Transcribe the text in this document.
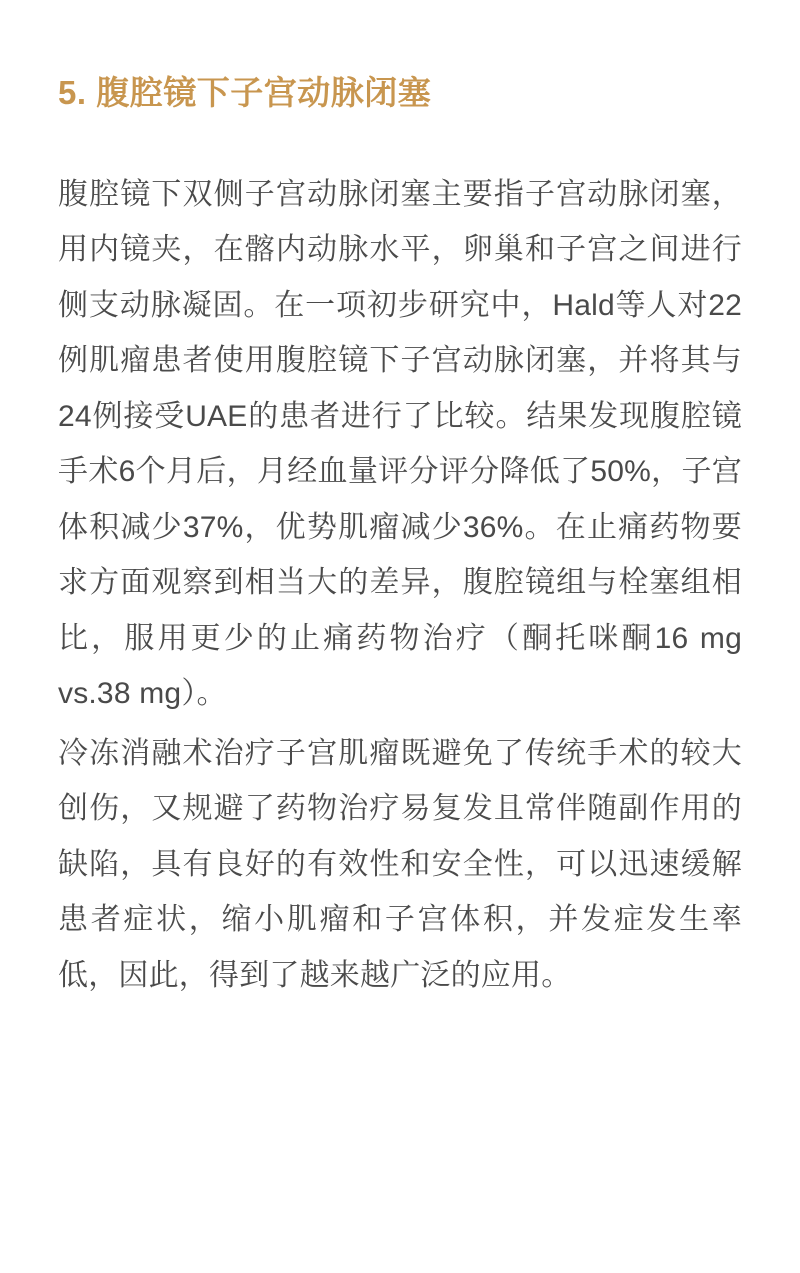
5. 腹腔镜下子宫动脉闭塞

腹腔镜下双侧子宫动脉闭塞主要指子宫动脉闭塞，用内镜夹，在髂内动脉水平，卵巢和子宫之间进行侧支动脉凝固。在一项初步研究中，Hald等人对22例肌瘤患者使用腹腔镜下子宫动脉闭塞，并将其与24例接受UAE的患者进行了比较。结果发现腹腔镜手术6个月后，月经血量评分评分降低了50%，子宫体积减少37%，优势肌瘤减少36%。在止痛药物要求方面观察到相当大的差异，腹腔镜组与栓塞组相比，服用更少的止痛药物治疗（酮托咪酮16 mg vs.38 mg）。

冷冻消融术治疗子宫肌瘤既避免了传统手术的较大创伤，又规避了药物治疗易复发且常伴随副作用的缺陷，具有良好的有效性和安全性，可以迅速缓解患者症状，缩小肌瘤和子宫体积，并发症发生率低，因此，得到了越来越广泛的应用。
